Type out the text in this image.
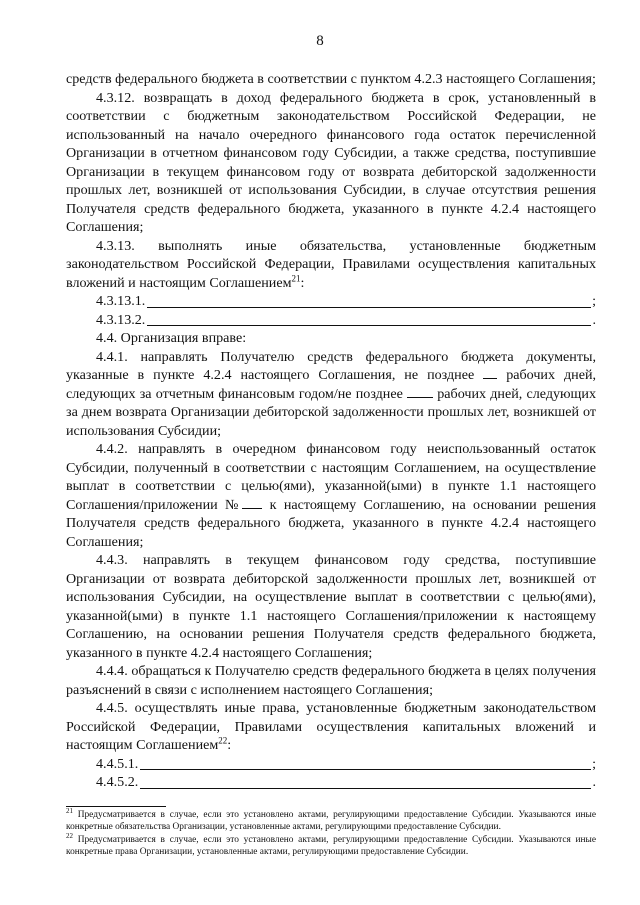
8

средств федерального бюджета в соответствии с пунктом 4.2.3 настоящего Соглашения;

4.3.12. возвращать в доход федерального бюджета в срок, установленный в соответствии с бюджетным законодательством Российской Федерации, не использованный на начало очередного финансового года остаток перечисленной Организации в отчетном финансовом году Субсидии, а также средства, поступившие Организации в текущем финансовом году от возврата дебиторской задолженности прошлых лет, возникшей от использования Субсидии, в случае отсутствия решения Получателя средств федерального бюджета, указанного в пункте 4.2.4 настоящего Соглашения;

4.3.13. выполнять иные обязательства, установленные бюджетным законодательством Российской Федерации, Правилами осуществления капитальных вложений и настоящим Соглашением$^{21}$:

4.3.13.1.	;
4.3.13.2.	.

4.4. Организация вправе:

4.4.1. направлять Получателю средств федерального бюджета документы, указанные в пункте 4.2.4 настоящего Соглашения, не позднее рабочих дней, следующих за отчетным финансовым годом/не позднее рабочих дней, следующих за днем возврата Организации дебиторской задолженности прошлых лет, возникшей от использования Субсидии;

4.4.2. направлять в очередном финансовом году неиспользованный остаток Субсидии, полученный в соответствии с настоящим Соглашением, на осуществление выплат в соответствии с целью(ями), указанной(ыми) в пункте 1.1 настоящего Соглашения/приложении № к настоящему Соглашению, на основании решения Получателя средств федерального бюджета, указанного в пункте 4.2.4 настоящего Соглашения;

4.4.3. направлять в текущем финансовом году средства, поступившие Организации от возврата дебиторской задолженности прошлых лет, возникшей от использования Субсидии, на осуществление выплат в соответствии с целью(ями), указанной(ыми) в пункте 1.1 настоящего Соглашения/приложении к настоящему Соглашению, на основании решения Получателя средств федерального бюджета, указанного в пункте 4.2.4 настоящего Соглашения;

4.4.4. обращаться к Получателю средств федерального бюджета в целях получения разъяснений в связи с исполнением настоящего Соглашения;

4.4.5. осуществлять иные права, установленные бюджетным законодательством Российской Федерации, Правилами осуществления капитальных вложений и настоящим Соглашением$^{22}$:

4.4.5.1.	;
4.4.5.2.	.

$^{21}$ Предусматривается в случае, если это установлено актами, регулирующими предоставление Субсидии. Указываются иные конкретные обязательства Организации, установленные актами, регулирующими предоставление Субсидии.

$^{22}$ Предусматривается в случае, если это установлено актами, регулирующими предоставление Субсидии. Указываются иные конкретные права Организации, установленные актами, регулирующими предоставление Субсидии.
